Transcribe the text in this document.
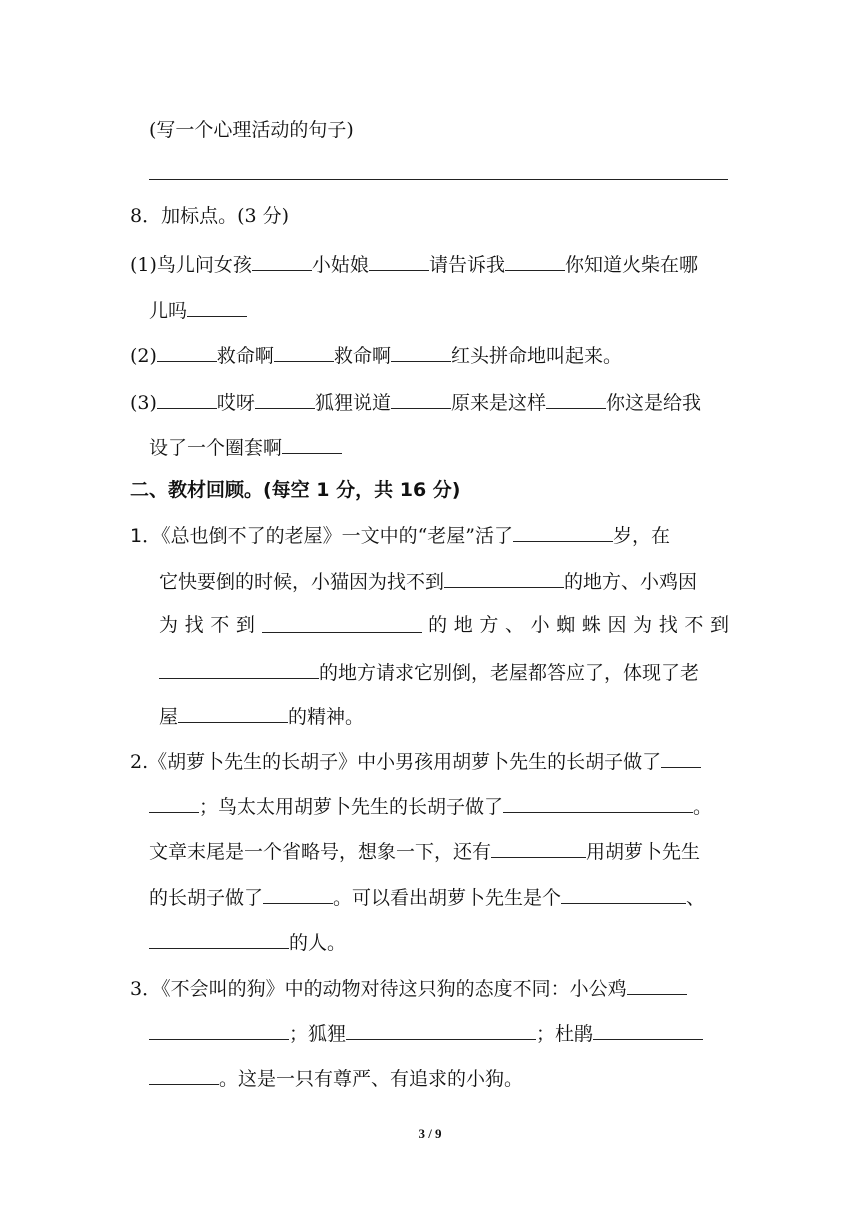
(写一个心理活动的句子)
8．加标点。(3 分)
(1)鸟儿问女孩	小姑娘	请告诉我	你知道火柴在哪
儿吗
(2)	救命啊	救命啊	红头拼命地叫起来。
(3)	哎呀	狐狸说道	原来是这样	你这是给我
设了一个圈套啊
二、教材回顾。(每空 1 分，共 16 分)
1．《总也倒不了的老屋》一文中的“老屋”活了	岁，在
它快要倒的时候，小猫因为找不到	的地方、小鸡因
为 找 不 到	的 地 方 、 小 蜘 蛛 因 为 找 不 到
的地方请求它别倒，老屋都答应了，体现了老
屋	的精神。
2.《胡萝卜先生的长胡子》中小男孩用胡萝卜先生的长胡子做了
；鸟太太用胡萝卜先生的长胡子做了	。
文章末尾是一个省略号，想象一下，还有	用胡萝卜先生
的长胡子做了	。可以看出胡萝卜先生是个	、
的人。
3．《不会叫的狗》中的动物对待这只狗的态度不同：小公鸡
；狐狸	；杜鹃
。这是一只有尊严、有追求的小狗。
3 / 9
